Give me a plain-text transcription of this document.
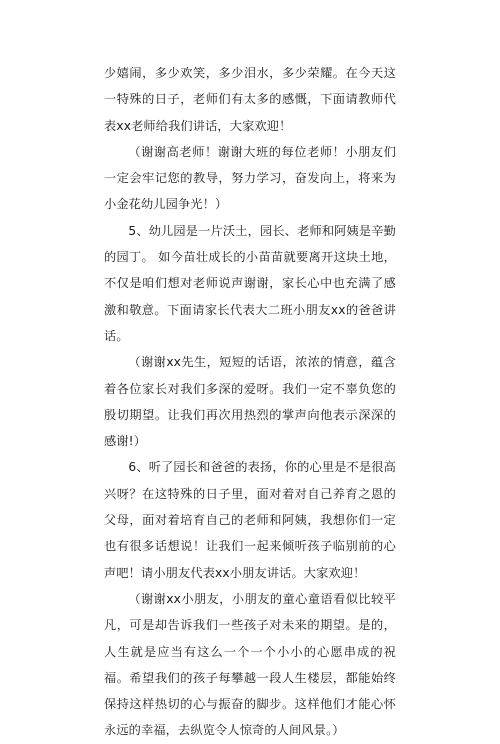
少嬉闹，多少欢笑，多少泪水，多少荣耀。在今天这一特殊的日子，老师们有太多的感慨，下面请教师代表xx老师给我们讲话，大家欢迎！

（谢谢高老师！谢谢大班的每位老师！小朋友们一定会牢记您的教导，努力学习，奋发向上，将来为小金花幼儿园争光！）

5、幼儿园是一片沃土，园长、老师和阿姨是辛勤的园丁。 如今苗壮成长的小苗苗就要离开这块土地，不仅是咱们想对老师说声谢谢，家长心中也充满了感激和敬意。下面请家长代表大二班小朋友xx的爸爸讲话。

（谢谢xx先生，短短的话语，浓浓的情意，蕴含着各位家长对我们多深的爱呀。我们一定不辜负您的殷切期望。让我们再次用热烈的掌声向他表示深深的感谢!）

6、听了园长和爸爸的表扬，你的心里是不是很高兴呀？在这特殊的日子里，面对着对自己养育之恩的父母，面对着培育自己的老师和阿姨，我想你们一定也有很多话想说！让我们一起来倾听孩子临别前的心声吧！请小朋友代表xx小朋友讲话。大家欢迎！

（谢谢xx小朋友，小朋友的童心童语看似比较平凡，可是却告诉我们一些孩子对未来的期望。是的，人生就是应当有这么一个一个小小的心愿串成的祝福。希望我们的孩子每攀越一段人生楼层，都能始终保持这样热切的心与振奋的脚步。这样他们才能心怀永远的幸福，去纵览令人惊奇的人间风景。）
